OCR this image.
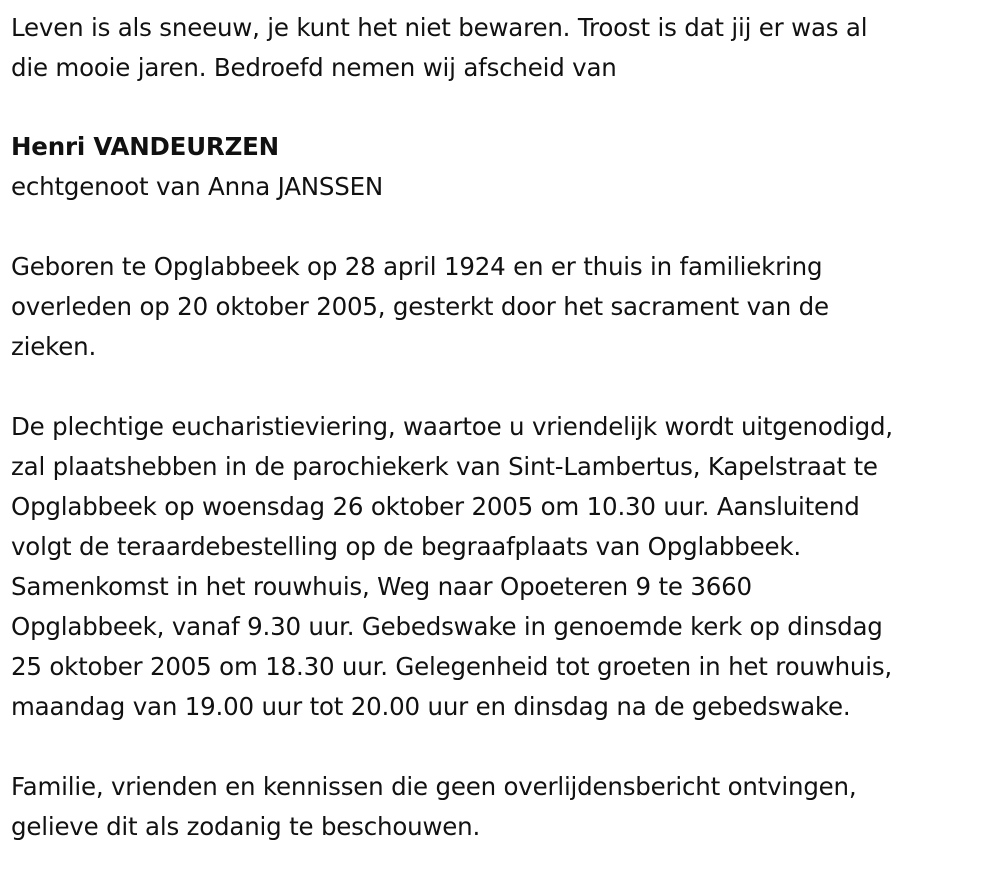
Leven is als sneeuw, je kunt het niet bewaren. Troost is dat jij er was al
die mooie jaren. Bedroefd nemen wij afscheid van

Henri VANDEURZEN

echtgenoot van Anna JANSSEN

Geboren te Opglabbeek op 28 april 1924 en er thuis in familiekring
overleden op 20 oktober 2005, gesterkt door het sacrament van de
zieken.

De plechtige eucharistieviering, waartoe u vriendelijk wordt uitgenodigd,
zal plaatshebben in de parochiekerk van Sint-Lambertus, Kapelstraat te
Opglabbeek op woensdag 26 oktober 2005 om 10.30 uur. Aansluitend
volgt de teraardebestelling op de begraafplaats van Opglabbeek.
Samenkomst in het rouwhuis, Weg naar Opoeteren 9 te 3660
Opglabbeek, vanaf 9.30 uur. Gebedswake in genoemde kerk op dinsdag
25 oktober 2005 om 18.30 uur. Gelegenheid tot groeten in het rouwhuis,
maandag van 19.00 uur tot 20.00 uur en dinsdag na de gebedswake.

Familie, vrienden en kennissen die geen overlijdensbericht ontvingen,
gelieve dit als zodanig te beschouwen.
